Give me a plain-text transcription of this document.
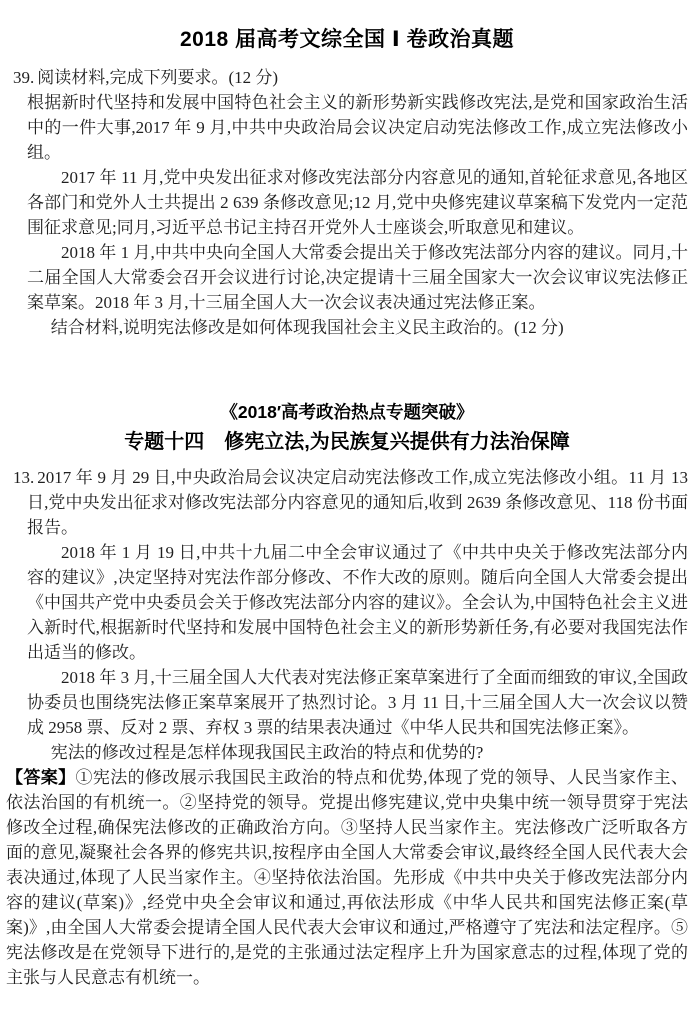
2018 届高考文综全国 Ⅰ 卷政治真题

39. 阅读材料,完成下列要求。(12 分)

根据新时代坚持和发展中国特色社会主义的新形势新实践修改宪法,是党和国家政治生活中的一件大事,2017 年 9 月,中共中央政治局会议决定启动宪法修改工作,成立宪法修改小组。

2017 年 11 月,党中央发出征求对修改宪法部分内容意见的通知,首轮征求意见,各地区各部门和党外人士共提出 2 639 条修改意见;12 月,党中央修宪建议草案稿下发党内一定范围征求意见;同月,习近平总书记主持召开党外人士座谈会,听取意见和建议。

2018 年 1 月,中共中央向全国人大常委会提出关于修改宪法部分内容的建议。同月,十二届全国人大常委会召开会议进行讨论,决定提请十三届全国家大一次会议审议宪法修正案草案。2018 年 3 月,十三届全国人大一次会议表决通过宪法修正案。

结合材料,说明宪法修改是如何体现我国社会主义民主政治的。(12 分)

《2018′高考政治热点专题突破》
专题十四　修宪立法,为民族复兴提供有力法治保障

13. 2017 年 9 月 29 日,中央政治局会议决定启动宪法修改工作,成立宪法修改小组。11 月 13 日,党中央发出征求对修改宪法部分内容意见的通知后,收到 2639 条修改意见、118 份书面报告。

2018 年 1 月 19 日,中共十九届二中全会审议通过了《中共中央关于修改宪法部分内容的建议》,决定坚持对宪法作部分修改、不作大改的原则。随后向全国人大常委会提出《中国共产党中央委员会关于修改宪法部分内容的建议》。全会认为,中国特色社会主义进入新时代,根据新时代坚持和发展中国特色社会主义的新形势新任务,有必要对我国宪法作出适当的修改。

2018 年 3 月,十三届全国人大代表对宪法修正案草案进行了全面而细致的审议,全国政协委员也围绕宪法修正案草案展开了热烈讨论。3 月 11 日,十三届全国人大一次会议以赞成 2958 票、反对 2 票、弃权 3 票的结果表决通过《中华人民共和国宪法修正案》。

宪法的修改过程是怎样体现我国民主政治的特点和优势的?

【答案】①宪法的修改展示我国民主政治的特点和优势,体现了党的领导、人民当家作主、依法治国的有机统一。②坚持党的领导。党提出修宪建议,党中央集中统一领导贯穿于宪法修改全过程,确保宪法修改的正确政治方向。③坚持人民当家作主。宪法修改广泛听取各方面的意见,凝聚社会各界的修宪共识,按程序由全国人大常委会审议,最终经全国人民代表大会表决通过,体现了人民当家作主。④坚持依法治国。先形成《中共中央关于修改宪法部分内容的建议(草案)》,经党中央全会审议和通过,再依法形成《中华人民共和国宪法修正案(草案)》,由全国人大常委会提请全国人民代表大会审议和通过,严格遵守了宪法和法定程序。⑤宪法修改是在党领导下进行的,是党的主张通过法定程序上升为国家意志的过程,体现了党的主张与人民意志有机统一。
